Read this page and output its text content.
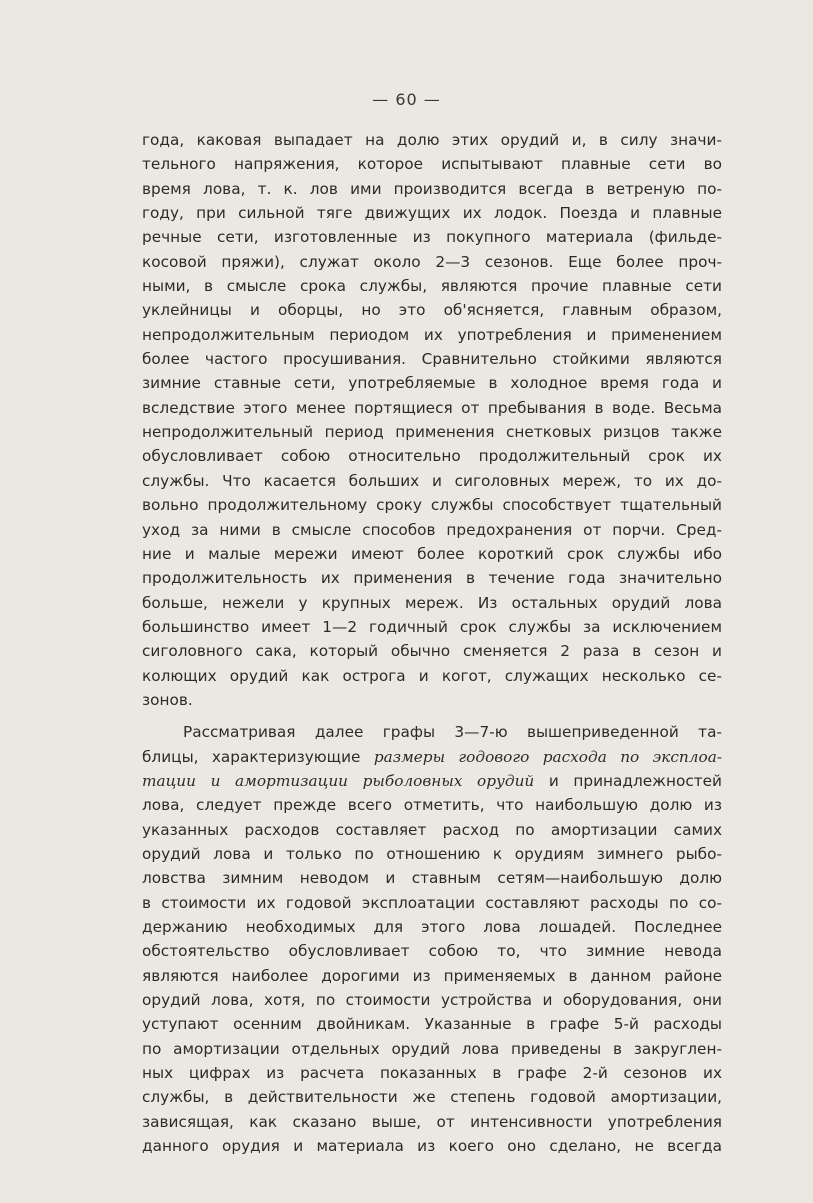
— 60 —
года, каковая выпадает на долю этих орудий и, в силу значи-
тельного напряжения, которое испытывают плавные сети во
время лова, т. к. лов ими производится всегда в ветреную по-
году, при сильной тяге движущих их лодок. Поезда и плавные
речные сети, изготовленные из покупного материала (фильде-
косовой пряжи), служат около 2—3 сезонов. Еще более проч-
ными, в смысле срока службы, являются прочие плавные сети
уклейницы и оборцы, но это об'ясняется, главным образом,
непродолжительным периодом их употребления и применением
более частого просушивания. Сравнительно стойкими являются
зимние ставные сети, употребляемые в холодное время года и
вследствие этого менее портящиеся от пребывания в воде. Весьма
непродолжительный период применения снетковых ризцов также
обусловливает собою относительно продолжительный срок их
службы. Что касается больших и сиголовных мереж, то их до-
вольно продолжительному сроку службы способствует тщательный
уход за ними в смысле способов предохранения от порчи. Сред-
ние и малые мережи имеют более короткий срок службы ибо
продолжительность их применения в течение года значительно
больше, нежели у крупных мереж. Из остальных орудий лова
большинство имеет 1—2 годичный срок службы за исключением
сиголовного сака, который обычно сменяется 2 раза в сезон и
колющих орудий как острога и когот, служащих несколько се-
зонов.
Рассматривая далее графы 3—7-ю вышеприведенной та-
блицы, характеризующие размеры годового расхода по эксплоа-
тации и амортизации рыболовных орудий и принадлежностей
лова, следует прежде всего отметить, что наибольшую долю из
указанных расходов составляет расход по амортизации самих
орудий лова и только по отношению к орудиям зимнего рыбо-
ловства зимним неводом и ставным сетям—наибольшую долю
в стоимости их годовой эксплоатации составляют расходы по со-
держанию необходимых для этого лова лошадей. Последнее
обстоятельство обусловливает собою то, что зимние невода
являются наиболее дорогими из применяемых в данном районе
орудий лова, хотя, по стоимости устройства и оборудования, они
уступают осенним двойникам. Указанные в графе 5-й расходы
по амортизации отдельных орудий лова приведены в закруглен-
ных цифрах из расчета показанных в графе 2-й сезонов их
службы, в действительности же степень годовой амортизации,
зависящая, как сказано выше, от интенсивности употребления
данного орудия и материала из коего оно сделано, не всегда
